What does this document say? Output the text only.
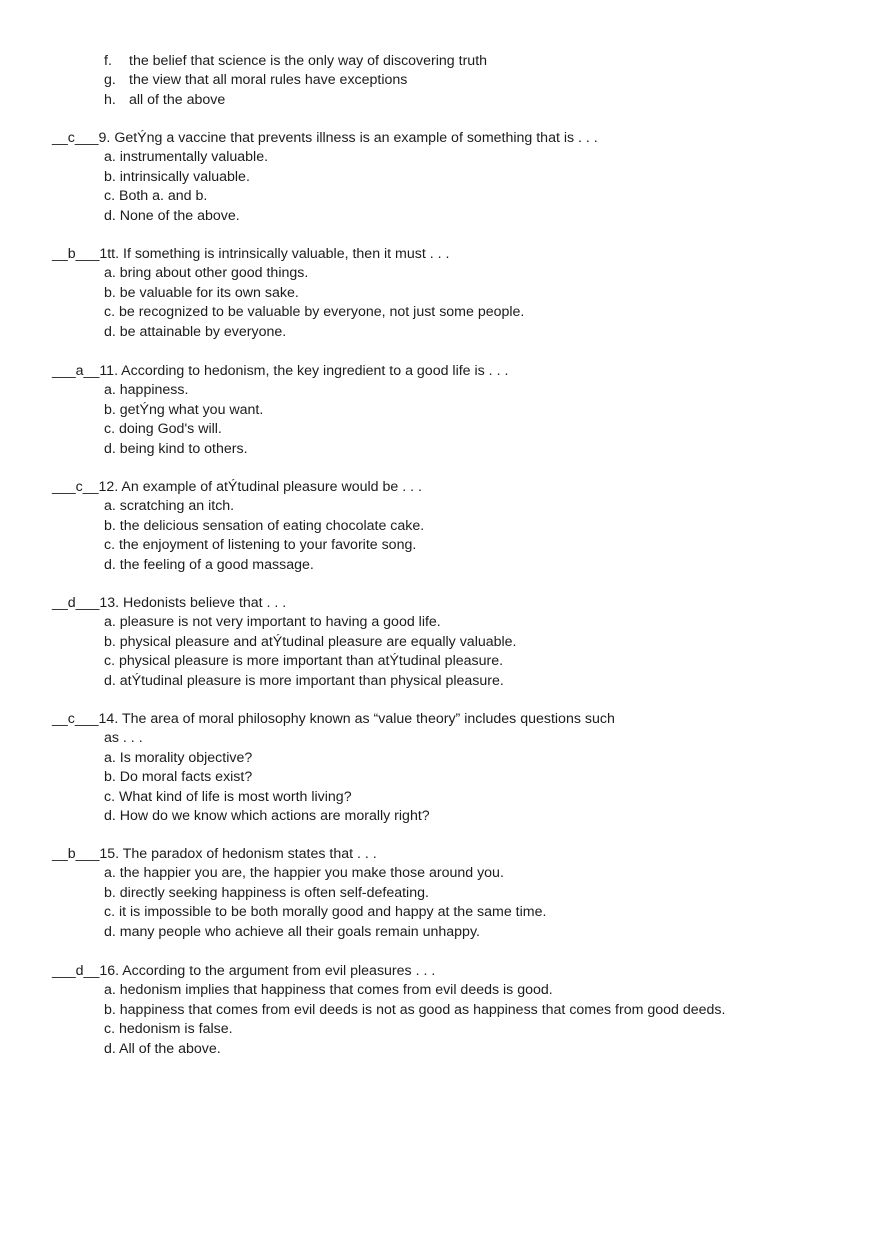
f. the belief that science is the only way of discovering truth
g. the view that all moral rules have exceptions
h. all of the above
__c___9. GetÝng a vaccine that prevents illness is an example of something that is . . .
a. instrumentally valuable.
b. intrinsically valuable.
c. Both a. and b.
d. None of the above.
__b___1tt. If something is intrinsically valuable, then it must . . .
a. bring about other good things.
b. be valuable for its own sake.
c. be recognized to be valuable by everyone, not just some people.
d. be attainable by everyone.
___a__11. According to hedonism, the key ingredient to a good life is . . .
a. happiness.
b. getÝng what you want.
c. doing God's will.
d. being kind to others.
___c__12. An example of atÝtudinal pleasure would be . . .
a. scratching an itch.
b. the delicious sensation of eating chocolate cake.
c. the enjoyment of listening to your favorite song.
d. the feeling of a good massage.
__d___13. Hedonists believe that . . .
a. pleasure is not very important to having a good life.
b. physical pleasure and atÝtudinal pleasure are equally valuable.
c. physical pleasure is more important than atÝtudinal pleasure.
d. atÝtudinal pleasure is more important than physical pleasure.
__c___14. The area of moral philosophy known as “value theory” includes questions such
as . . .
a. Is morality objective?
b. Do moral facts exist?
c. What kind of life is most worth living?
d. How do we know which actions are morally right?
__b___15. The paradox of hedonism states that . . .
a. the happier you are, the happier you make those around you.
b. directly seeking happiness is often self-defeating.
c. it is impossible to be both morally good and happy at the same time.
d. many people who achieve all their goals remain unhappy.
___d__16. According to the argument from evil pleasures . . .
a. hedonism implies that happiness that comes from evil deeds is good.
b. happiness that comes from evil deeds is not as good as happiness that comes from good deeds.
c. hedonism is false.
d. All of the above.
